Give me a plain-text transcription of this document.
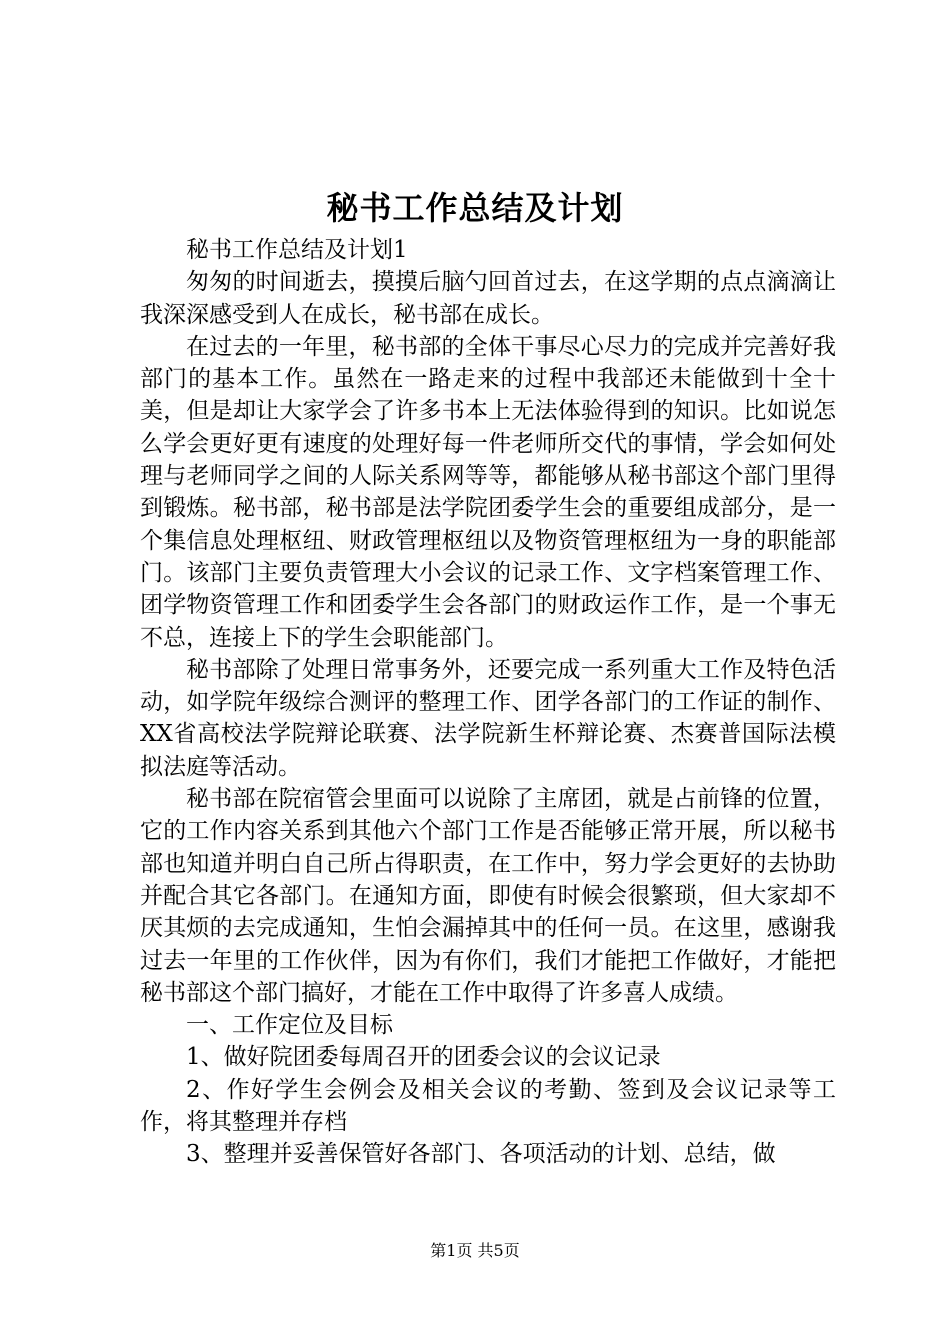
秘书工作总结及计划

秘书工作总结及计划1

匆匆的时间逝去，摸摸后脑勺回首过去，在这学期的点点滴滴让我深深感受到人在成长，秘书部在成长。

在过去的一年里，秘书部的全体干事尽心尽力的完成并完善好我部门的基本工作。虽然在一路走来的过程中我部还未能做到十全十美，但是却让大家学会了许多书本上无法体验得到的知识。比如说怎么学会更好更有速度的处理好每一件老师所交代的事情，学会如何处理与老师同学之间的人际关系网等等，都能够从秘书部这个部门里得到锻炼。秘书部，秘书部是法学院团委学生会的重要组成部分，是一个集信息处理枢纽、财政管理枢纽以及物资管理枢纽为一身的职能部门。该部门主要负责管理大小会议的记录工作、文字档案管理工作、团学物资管理工作和团委学生会各部门的财政运作工作，是一个事无不总，连接上下的学生会职能部门。

秘书部除了处理日常事务外，还要完成一系列重大工作及特色活动，如学院年级综合测评的整理工作、团学各部门的工作证的制作、XX省高校法学院辩论联赛、法学院新生杯辩论赛、杰赛普国际法模拟法庭等活动。

秘书部在院宿管会里面可以说除了主席团，就是占前锋的位置，它的工作内容关系到其他六个部门工作是否能够正常开展，所以秘书部也知道并明白自己所占得职责，在工作中，努力学会更好的去协助并配合其它各部门。在通知方面，即使有时候会很繁琐，但大家却不厌其烦的去完成通知，生怕会漏掉其中的任何一员。在这里，感谢我过去一年里的工作伙伴，因为有你们，我们才能把工作做好，才能把秘书部这个部门搞好，才能在工作中取得了许多喜人成绩。

一、工作定位及目标

1、做好院团委每周召开的团委会议的会议记录

2、作好学生会例会及相关会议的考勤、签到及会议记录等工作，将其整理并存档

3、整理并妥善保管好各部门、各项活动的计划、总结，做

第1页 共5页
